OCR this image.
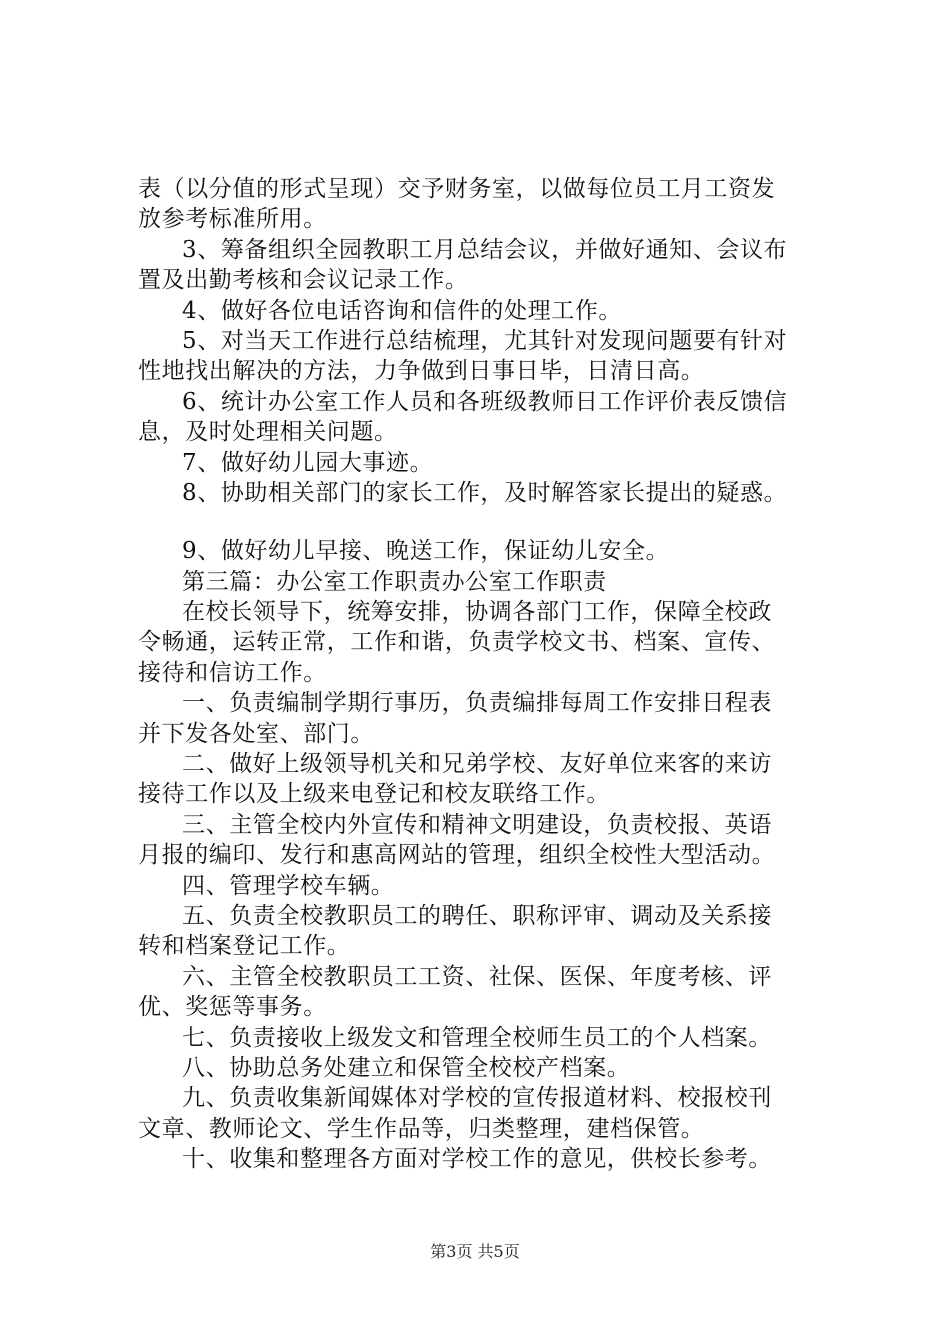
表（以分值的形式呈现）交予财务室，以做每位员工月工资发
放参考标准所用。
3、筹备组织全园教职工月总结会议，并做好通知、会议布
置及出勤考核和会议记录工作。
4、做好各位电话咨询和信件的处理工作。
5、对当天工作进行总结梳理，尤其针对发现问题要有针对
性地找出解决的方法，力争做到日事日毕，日清日高。
6、统计办公室工作人员和各班级教师日工作评价表反馈信
息，及时处理相关问题。
7、做好幼儿园大事迹。
8、协助相关部门的家长工作，及时解答家长提出的疑惑。
9、做好幼儿早接、晚送工作，保证幼儿安全。
第三篇：办公室工作职责办公室工作职责
在校长领导下，统筹安排，协调各部门工作，保障全校政
令畅通，运转正常，工作和谐，负责学校文书、档案、宣传、
接待和信访工作。
一、负责编制学期行事历，负责编排每周工作安排日程表
并下发各处室、部门。
二、做好上级领导机关和兄弟学校、友好单位来客的来访
接待工作以及上级来电登记和校友联络工作。
三、主管全校内外宣传和精神文明建设，负责校报、英语
月报的编印、发行和惠高网站的管理，组织全校性大型活动。
四、管理学校车辆。
五、负责全校教职员工的聘任、职称评审、调动及关系接
转和档案登记工作。
六、主管全校教职员工工资、社保、医保、年度考核、评
优、奖惩等事务。
七、负责接收上级发文和管理全校师生员工的个人档案。
八、协助总务处建立和保管全校校产档案。
九、负责收集新闻媒体对学校的宣传报道材料、校报校刊
文章、教师论文、学生作品等，归类整理，建档保管。
十、收集和整理各方面对学校工作的意见，供校长参考。
第3页 共5页
